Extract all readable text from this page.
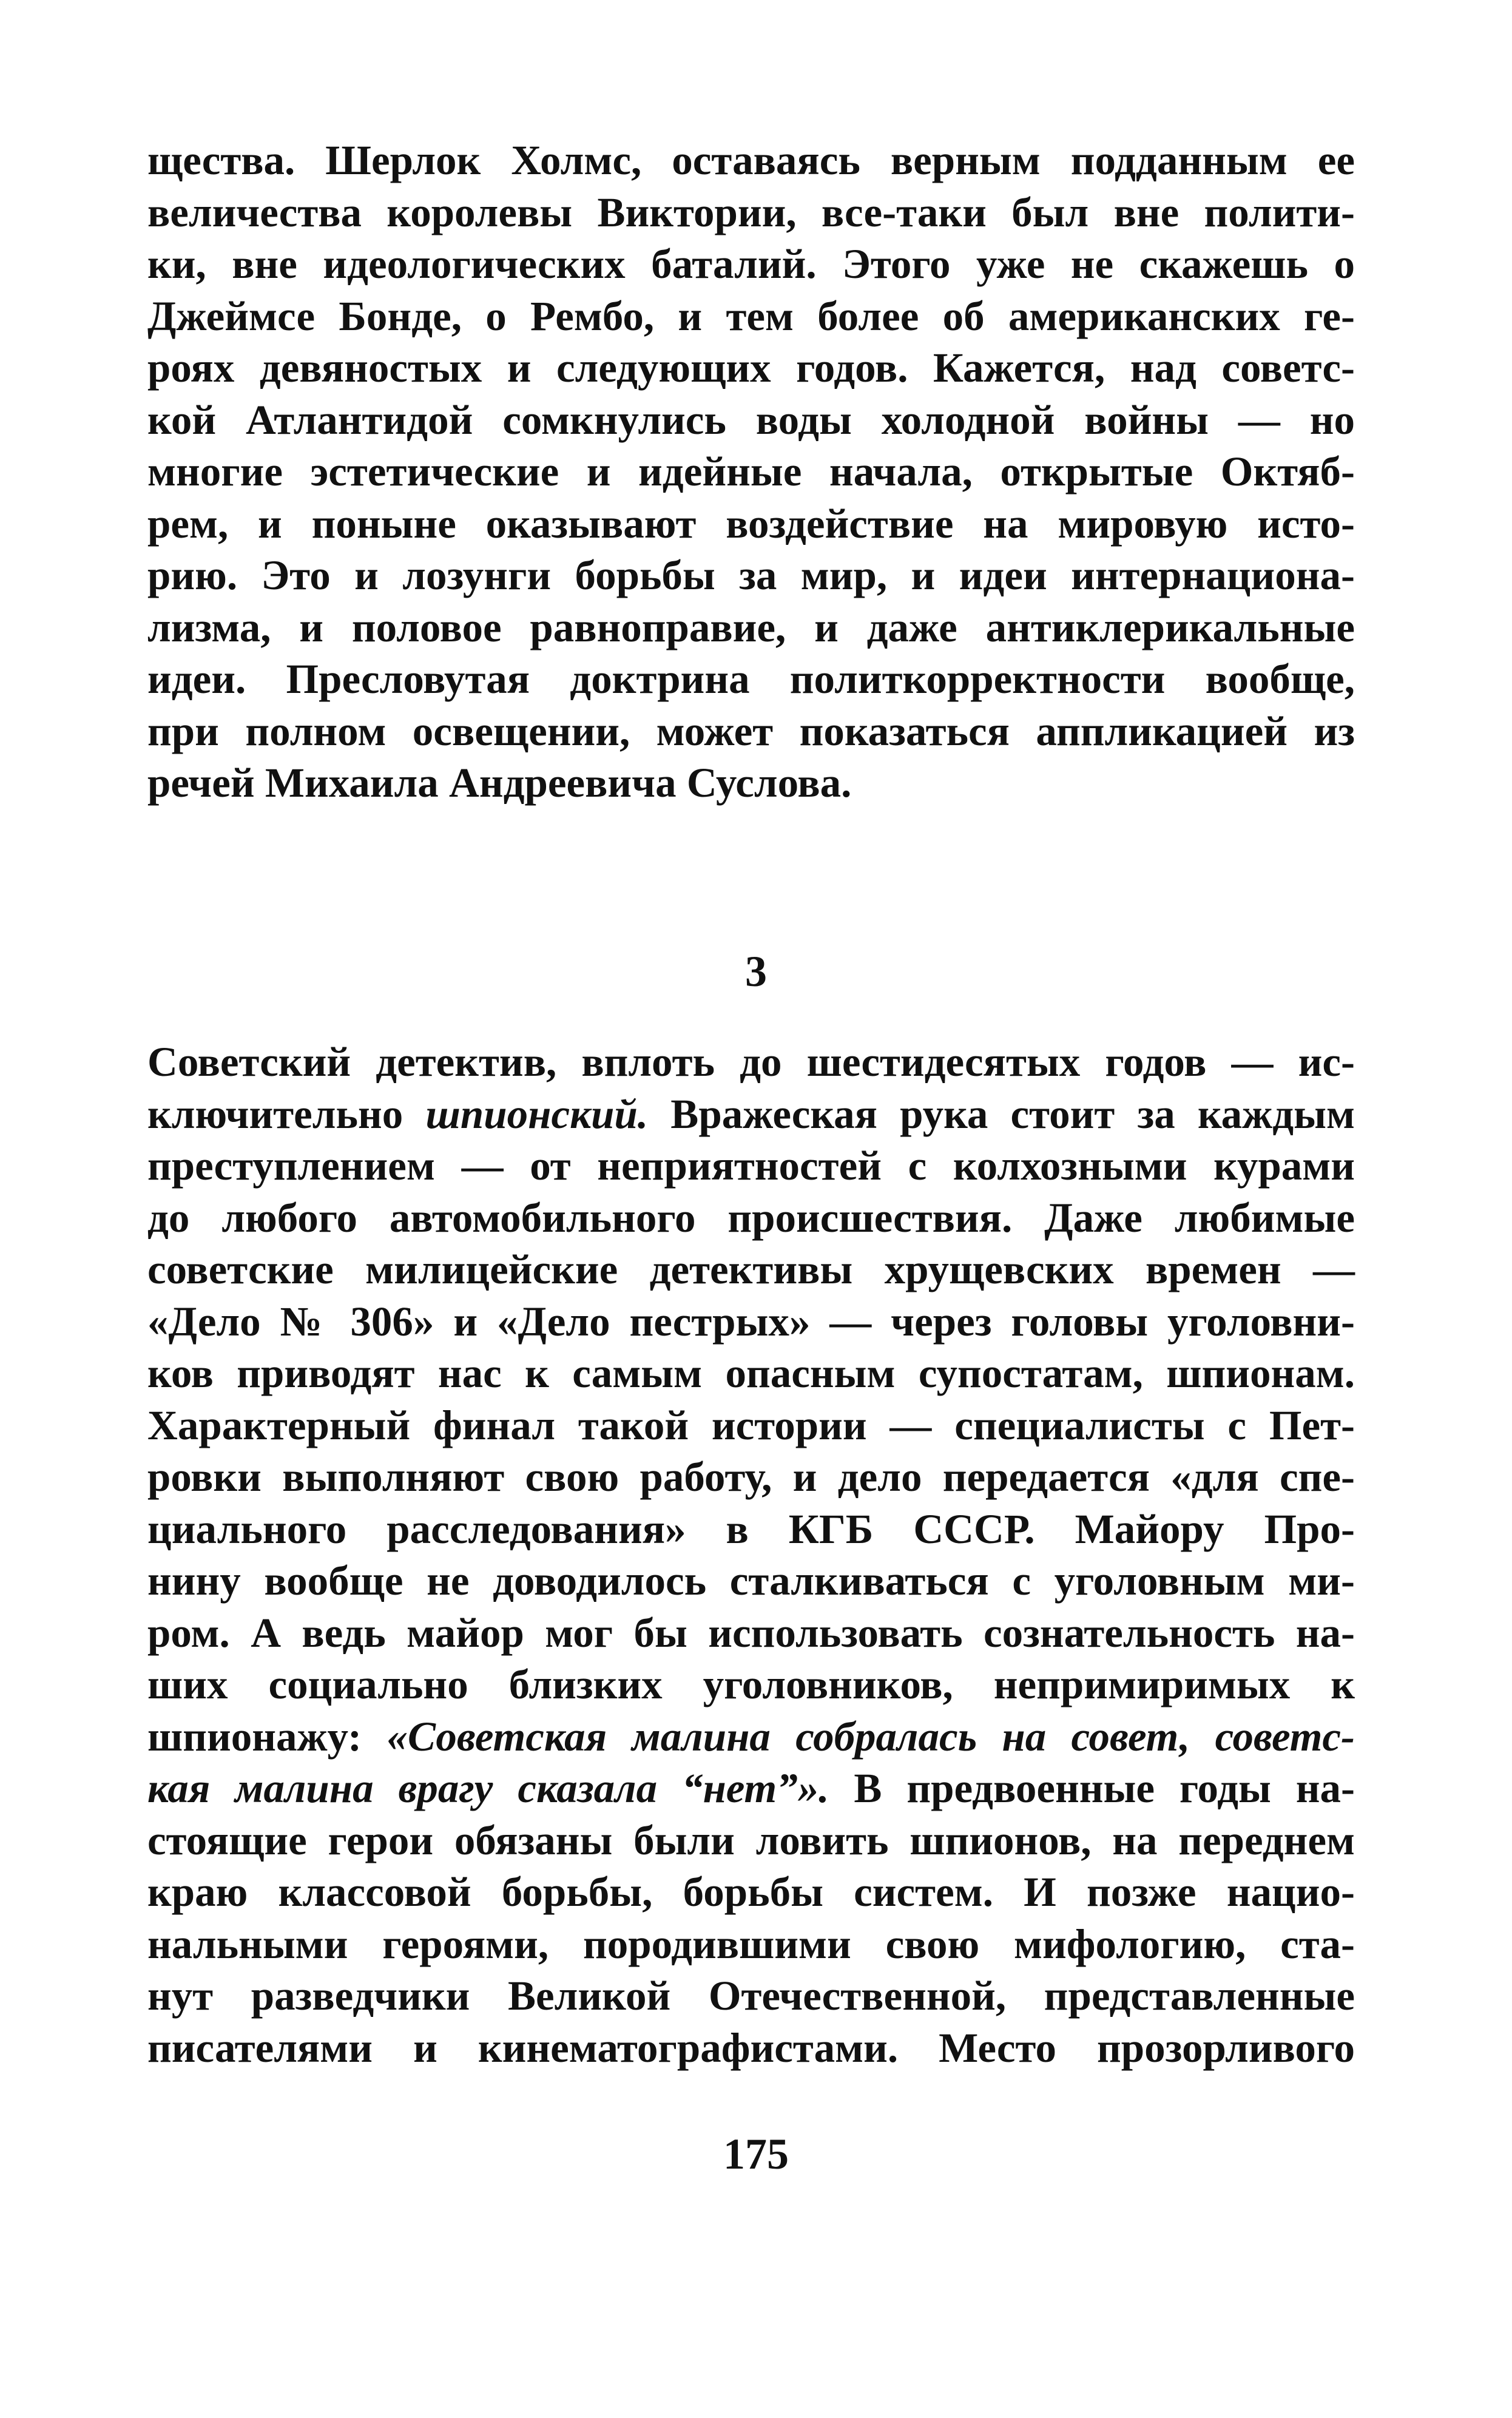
щества. Шерлок Холмс, оставаясь верным подданным ее
величества королевы Виктории, все-таки был вне полити-
ки, вне идеологических баталий. Этого уже не скажешь о
Джеймсе Бонде, о Рембо, и тем более об американских ге-
роях девяностых и следующих годов. Кажется, над советс-
кой Атлантидой сомкнулись воды холодной войны — но
многие эстетические и идейные начала, открытые Октяб-
рем, и поныне оказывают воздействие на мировую исто-
рию. Это и лозунги борьбы за мир, и идеи интернациона-
лизма, и половое равноправие, и даже антиклерикальные
идеи. Пресловутая доктрина политкорректности вообще,
при полном освещении, может показаться аппликацией из
речей Михаила Андреевича Суслова.
3
Советский детектив, вплоть до шестидесятых годов — ис-
ключительно шпионский. Вражеская рука стоит за каждым
преступлением — от неприятностей с колхозными курами
до любого автомобильного происшествия. Даже любимые
советские милицейские детективы хрущевских времен —
«Дело № 306» и «Дело пестрых» — через головы уголовни-
ков приводят нас к самым опасным супостатам, шпионам.
Характерный финал такой истории — специалисты с Пет-
ровки выполняют свою работу, и дело передается «для спе-
циального расследования» в КГБ СССР. Майору Про-
нину вообще не доводилось сталкиваться с уголовным ми-
ром. А ведь майор мог бы использовать сознательность на-
ших социально близких уголовников, непримиримых к
шпионажу: «Советская малина собралась на совет, советс-
кая малина врагу сказала “нет”». В предвоенные годы на-
стоящие герои обязаны были ловить шпионов, на переднем
краю классовой борьбы, борьбы систем. И позже нацио-
нальными героями, породившими свою мифологию, ста-
нут разведчики Великой Отечественной, представленные
писателями и кинематографистами. Место прозорливого
175
